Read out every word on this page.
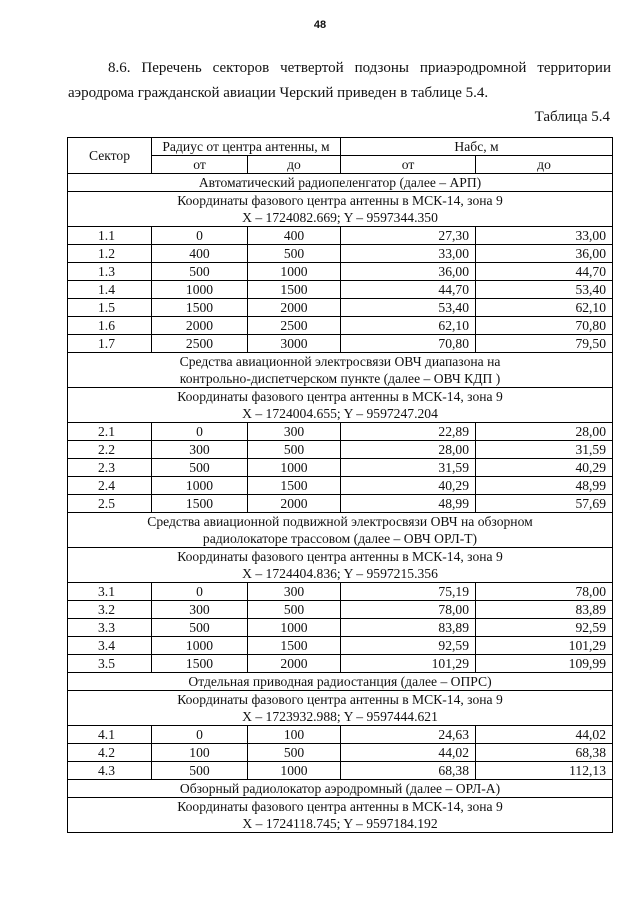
48
8.6. Перечень секторов четвертой подзоны приаэродромной территории
аэродрома гражданской авиации Черский приведен в таблице 5.4.
Таблица 5.4
Сектор	Радиус от центра антенны, м		Набс, м	
	от	до	от	до
Автоматический радиопеленгатор (далее – АРП)				
Координаты фазового центра антенны в МСК-14, зона 9
X – 1724082.669; Y – 9597344.350				
1.1	0	400	27,30	33,00
1.2	400	500	33,00	36,00
1.3	500	1000	36,00	44,70
1.4	1000	1500	44,70	53,40
1.5	1500	2000	53,40	62,10
1.6	2000	2500	62,10	70,80
1.7	2500	3000	70,80	79,50
Средства авиационной электросвязи ОВЧ диапазона на
контрольно-диспетчерском пункте (далее – ОВЧ КДП )				
Координаты фазового центра антенны в МСК-14, зона 9
X – 1724004.655; Y – 9597247.204				
2.1	0	300	22,89	28,00
2.2	300	500	28,00	31,59
2.3	500	1000	31,59	40,29
2.4	1000	1500	40,29	48,99
2.5	1500	2000	48,99	57,69
Средства авиационной подвижной электросвязи ОВЧ на обзорном
радиолокаторе трассовом (далее – ОВЧ ОРЛ-Т)				
Координаты фазового центра антенны в МСК-14, зона 9
X – 1724404.836; Y – 9597215.356				
3.1	0	300	75,19	78,00
3.2	300	500	78,00	83,89
3.3	500	1000	83,89	92,59
3.4	1000	1500	92,59	101,29
3.5	1500	2000	101,29	109,99
Отдельная приводная радиостанция (далее – ОПРС)				
Координаты фазового центра антенны в МСК-14, зона 9
X – 1723932.988; Y – 9597444.621				
4.1	0	100	24,63	44,02
4.2	100	500	44,02	68,38
4.3	500	1000	68,38	112,13
Обзорный радиолокатор аэродромный (далее – ОРЛ-А)				
Координаты фазового центра антенны в МСК-14, зона 9
X – 1724118.745; Y – 9597184.192				
